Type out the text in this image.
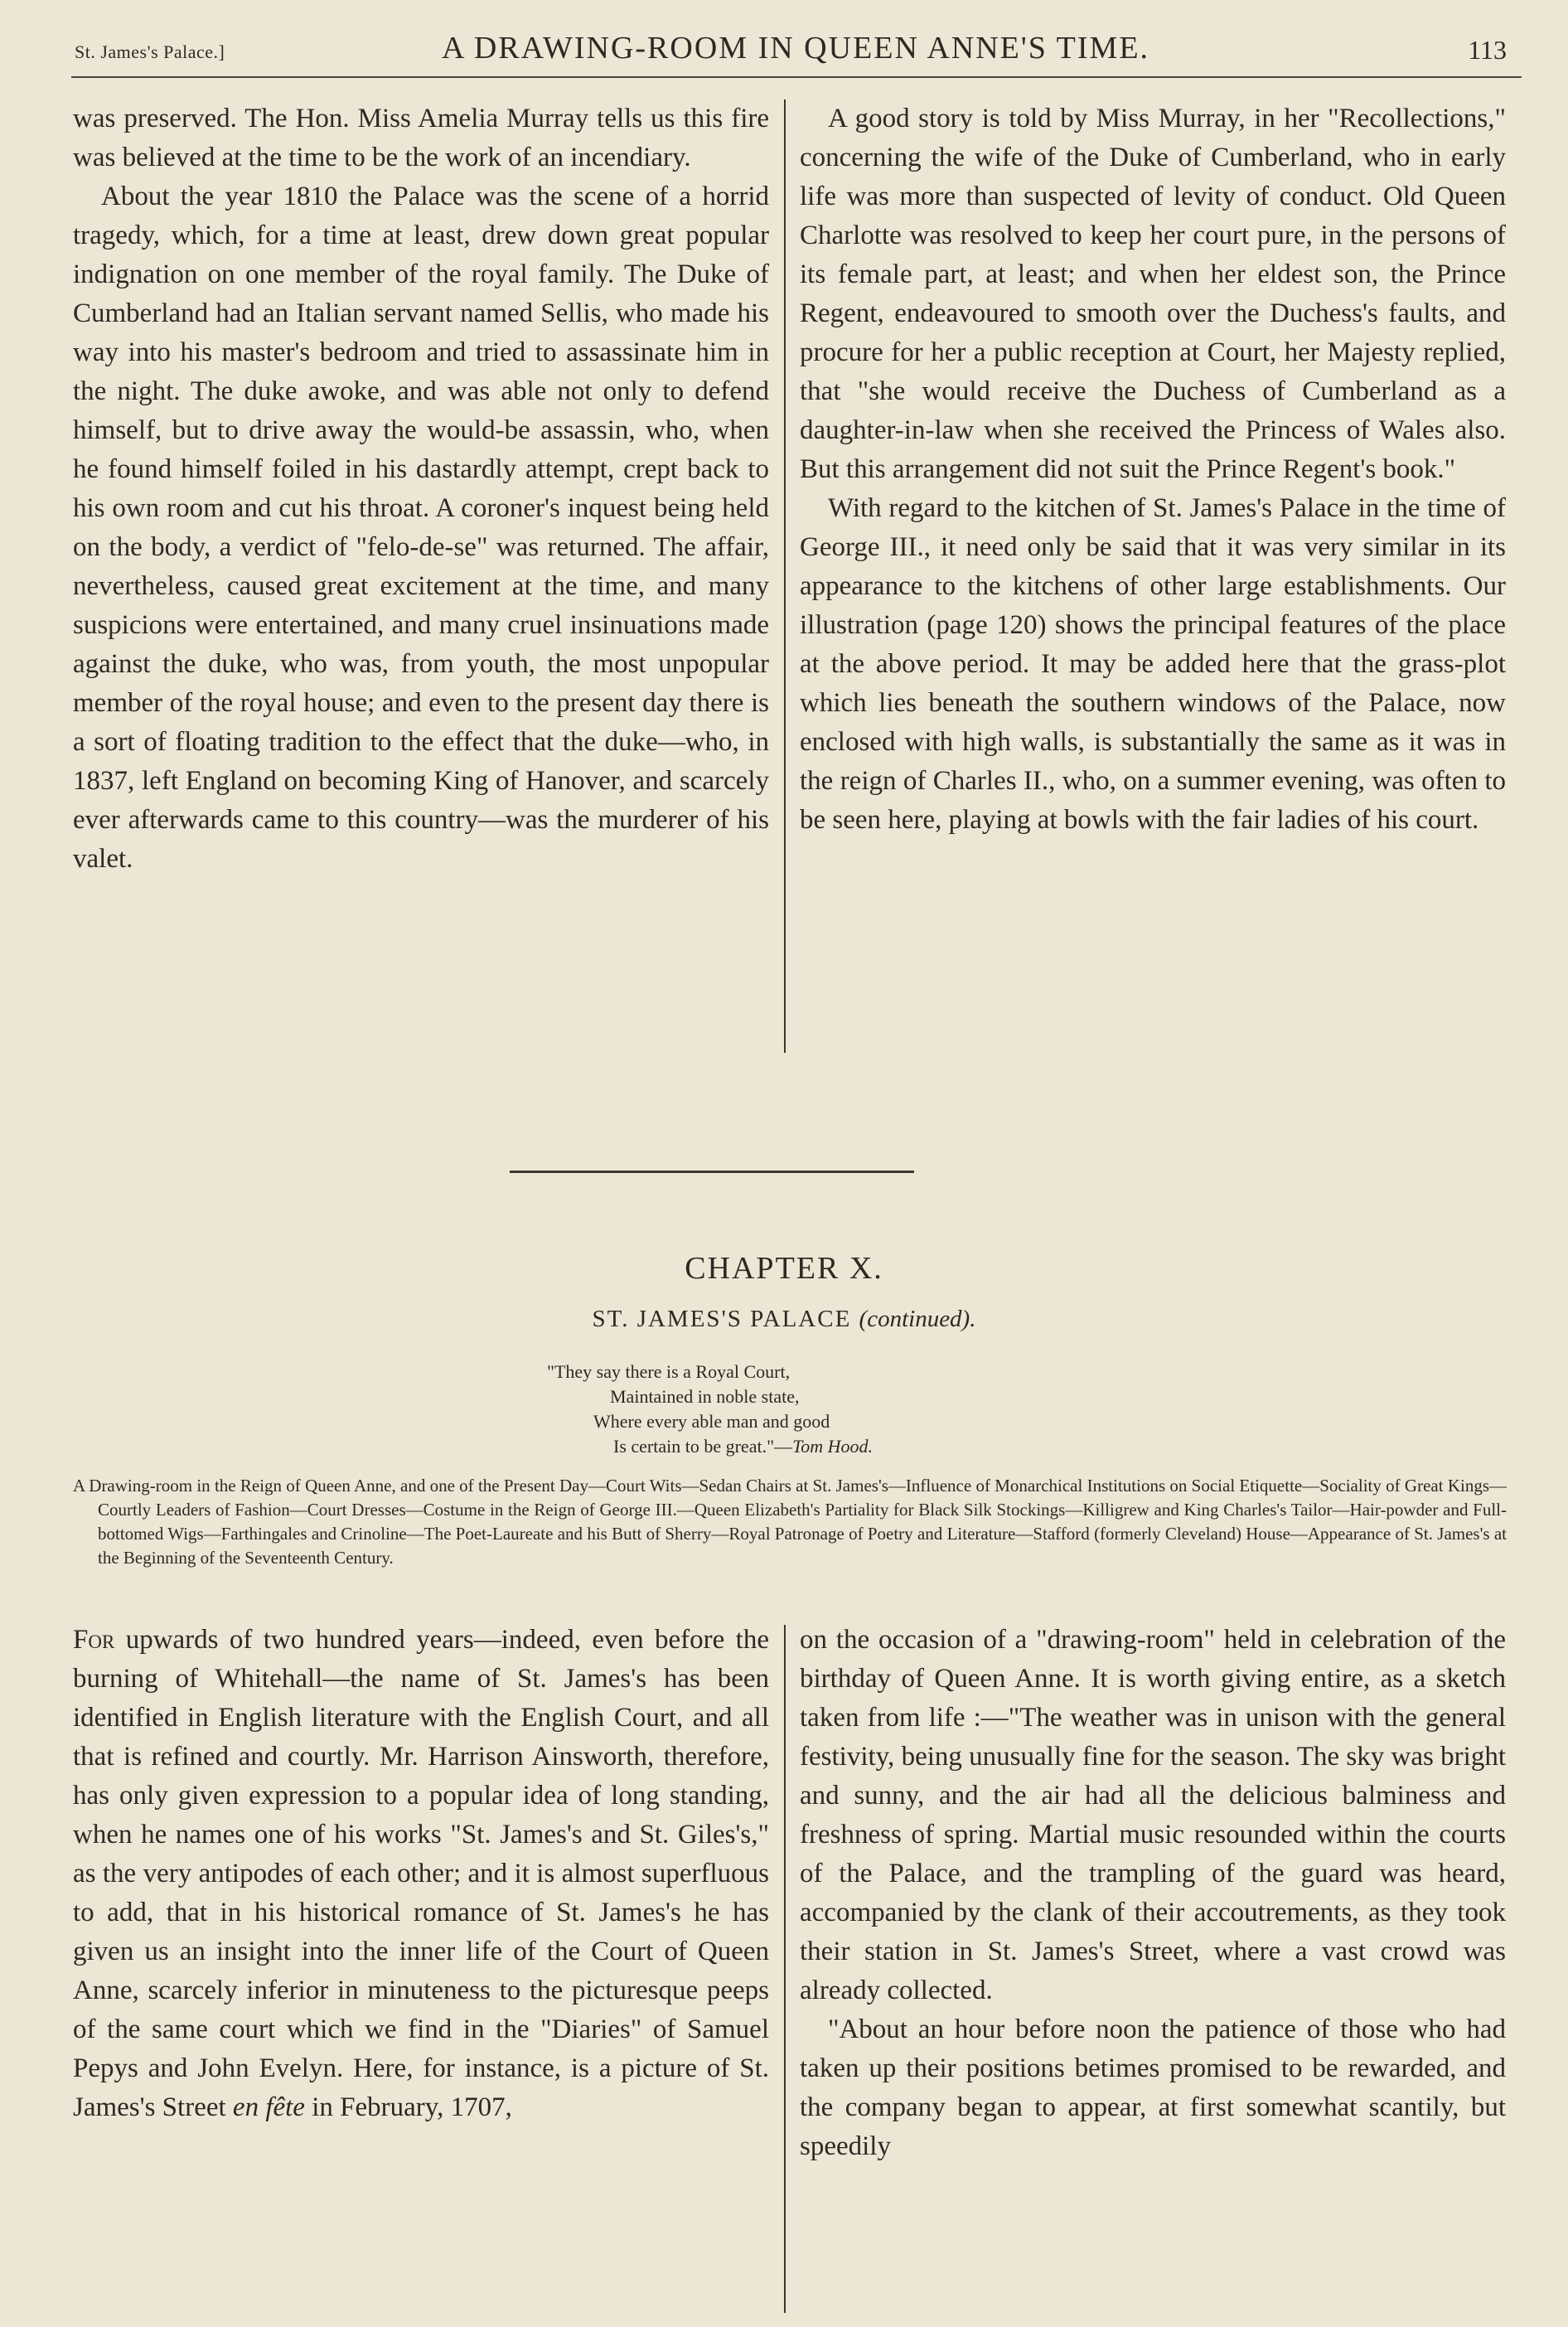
St. James's Palace.]	A DRAWING-ROOM IN QUEEN ANNE'S TIME.	113

was preserved. The Hon. Miss Amelia Murray tells us this fire was believed at the time to be the work of an incendiary.

About the year 1810 the Palace was the scene of a horrid tragedy, which, for a time at least, drew down great popular indignation on one member of the royal family. The Duke of Cumberland had an Italian servant named Sellis, who made his way into his master's bedroom and tried to assassinate him in the night. The duke awoke, and was able not only to defend himself, but to drive away the would-be assassin, who, when he found himself foiled in his dastardly attempt, crept back to his own room and cut his throat. A coroner's inquest being held on the body, a verdict of "felo-de-se" was returned. The affair, nevertheless, caused great excitement at the time, and many suspicions were entertained, and many cruel insinuations made against the duke, who was, from youth, the most unpopular member of the royal house; and even to the present day there is a sort of floating tradition to the effect that the duke—who, in 1837, left England on becoming King of Hanover, and scarcely ever afterwards came to this country—was the murderer of his valet.

A good story is told by Miss Murray, in her "Recollections," concerning the wife of the Duke of Cumberland, who in early life was more than suspected of levity of conduct. Old Queen Charlotte was resolved to keep her court pure, in the persons of its female part, at least; and when her eldest son, the Prince Regent, endeavoured to smooth over the Duchess's faults, and procure for her a public reception at Court, her Majesty replied, that "she would receive the Duchess of Cumberland as a daughter-in-law when she received the Princess of Wales also. But this arrangement did not suit the Prince Regent's book."

With regard to the kitchen of St. James's Palace in the time of George III., it need only be said that it was very similar in its appearance to the kitchens of other large establishments. Our illustration (page 120) shows the principal features of the place at the above period. It may be added here that the grass-plot which lies beneath the southern windows of the Palace, now enclosed with high walls, is substantially the same as it was in the reign of Charles II., who, on a summer evening, was often to be seen here, playing at bowls with the fair ladies of his court.

CHAPTER X.
ST. JAMES'S PALACE (continued).
"They say there is a Royal Court,
Maintained in noble state,
Where every able man and good
Is certain to be great."—Tom Hood.
A Drawing-room in the Reign of Queen Anne, and one of the Present Day—Court Wits—Sedan Chairs at St. James's—Influence of Monarchical Institutions on Social Etiquette—Sociality of Great Kings—Courtly Leaders of Fashion—Court Dresses—Costume in the Reign of George III.—Queen Elizabeth's Partiality for Black Silk Stockings—Killigrew and King Charles's Tailor—Hair-powder and Full-bottomed Wigs—Farthingales and Crinoline—The Poet-Laureate and his Butt of Sherry—Royal Patronage of Poetry and Literature—Stafford (formerly Cleveland) House—Appearance of St. James's at the Beginning of the Seventeenth Century.

For upwards of two hundred years—indeed, even before the burning of Whitehall—the name of St. James's has been identified in English literature with the English Court, and all that is refined and courtly. Mr. Harrison Ainsworth, therefore, has only given expression to a popular idea of long standing, when he names one of his works "St. James's and St. Giles's," as the very antipodes of each other; and it is almost superfluous to add, that in his historical romance of St. James's he has given us an insight into the inner life of the Court of Queen Anne, scarcely inferior in minuteness to the picturesque peeps of the same court which we find in the "Diaries" of Samuel Pepys and John Evelyn. Here, for instance, is a picture of St. James's Street en fête in February, 1707,

on the occasion of a "drawing-room" held in celebration of the birthday of Queen Anne. It is worth giving entire, as a sketch taken from life :—"The weather was in unison with the general festivity, being unusually fine for the season. The sky was bright and sunny, and the air had all the delicious balminess and freshness of spring. Martial music resounded within the courts of the Palace, and the trampling of the guard was heard, accompanied by the clank of their accoutrements, as they took their station in St. James's Street, where a vast crowd was already collected.

"About an hour before noon the patience of those who had taken up their positions betimes promised to be rewarded, and the company began to appear, at first somewhat scantily, but speedily
